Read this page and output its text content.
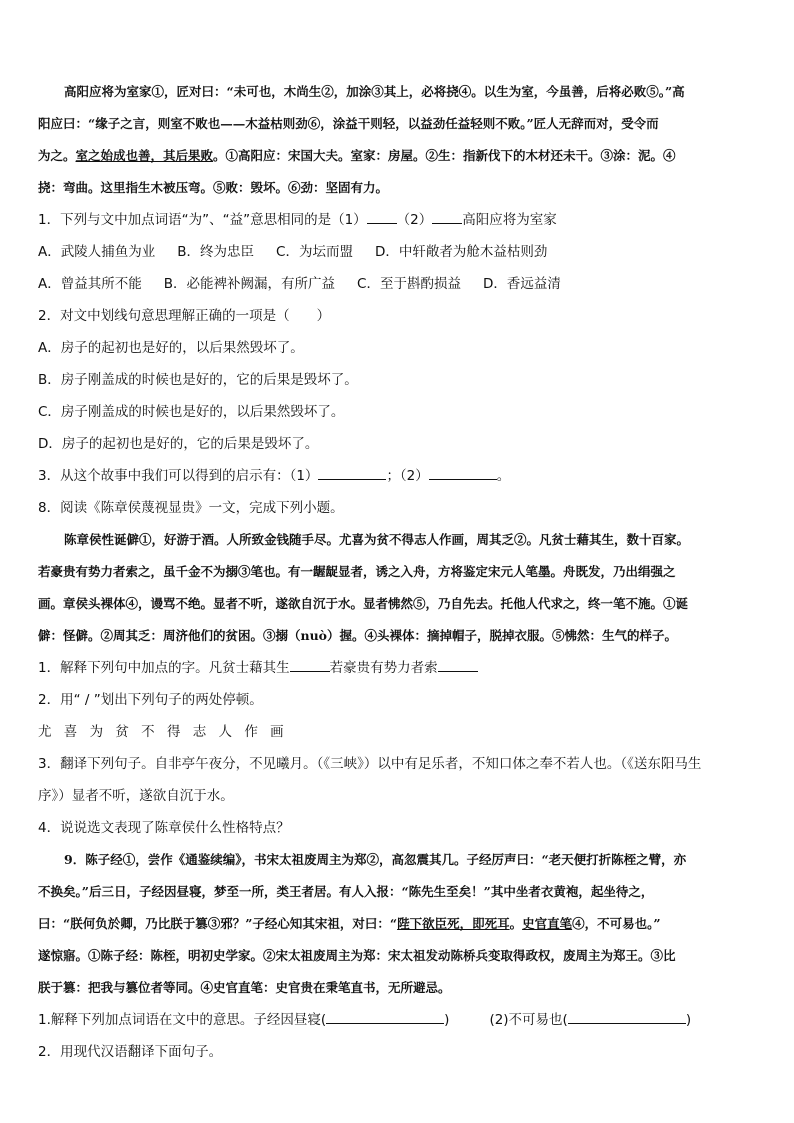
高阳应将为室家①，匠对曰：“未可也，木尚生②，加涂③其上，必将挠④。以生为室，今虽善，后将必败⑤。”高

阳应曰：“缘子之言，则室不败也——木益枯则劲⑥，涂益干则轻，以益劲任益轻则不败。”匠人无辞而对，受令而

为之。室之始成也善，其后果败。①高阳应：宋国大夫。室家：房屋。②生：指新伐下的木材还未干。③涂：泥。④

挠：弯曲。这里指生木被压弯。⑤败：毁坏。⑥劲：坚固有力。

1．下列与文中加点词语“为”、“益”意思相同的是（1） （2） 高阳应将为室家

A．武陵人捕鱼为业 B．终为忠臣 C．为坛而盟 D．中轩敞者为舱木益枯则劲

A．曾益其所不能 B．必能裨补阙漏，有所广益 C．至于斟酌损益 D．香远益清

2．对文中划线句意思理解正确的一项是（　　）

A．房子的起初也是好的，以后果然毁坏了。

B．房子刚盖成的时候也是好的，它的后果是毁坏了。

C．房子刚盖成的时候也是好的，以后果然毁坏了。

D．房子的起初也是好的，它的后果是毁坏了。

3．从这个故事中我们可以得到的启示有：（1）	；（2）	。

8．阅读《陈章侯蔑视显贵》一文，完成下列小题。

陈章侯性诞僻①，好游于酒。人所致金钱随手尽。尤喜为贫不得志人作画，周其乏②。凡贫士藉其生，数十百家。

若豪贵有势力者索之，虽千金不为搦③笔也。有一龌龊显者，诱之入舟，方将鉴定宋元人笔墨。舟既发，乃出绢强之

画。章侯头裸体④，谩骂不绝。显者不听，遂欲自沉于水。显者怫然⑤，乃自先去。托他人代求之，终一笔不施。①诞

僻：怪僻。②周其乏：周济他们的贫困。③搦（nuò）握。④头裸体：摘掉帽子，脱掉衣服。⑤怫然：生气的样子。

1．解释下列句中加点的字。凡贫士藉其生	若豪贵有势力者索

2．用“ / ”划出下列句子的两处停顿。

尤 喜 为 贫 不 得 志 人 作 画

3．翻译下列句子。自非亭午夜分，不见曦月。（《三峡》）以中有足乐者，不知口体之奉不若人也。（《送东阳马生

序》）显者不听，遂欲自沉于水。

4．说说选文表现了陈章侯什么性格特点？

9．陈子经①，尝作《通鉴续编》，书宋太祖废周主为郑②，高忽震其几。子经厉声曰：“老天便打折陈桎之臂，亦

不换矣。”后三日，子经因昼寝，梦至一所，类王者居。有人入报：“陈先生至矣！”其中坐者衣黄袍，起坐待之，

曰：“朕何负於卿，乃比朕于篡③邪？”子经心知其宋祖，对曰：“陛下欲臣死，即死耳。史官直笔④，不可易也。”

遂惊寤。①陈子经：陈桎，明初史学家。②宋太祖废周主为郑：宋太祖发动陈桥兵变取得政权，废周主为郑王。③比

朕于篡：把我与篡位者等同。④史官直笔：史官贵在秉笔直书，无所避忌。

1.解释下列加点词语在文中的意思。子经因昼寝(	)	(2)不可易也(	)

2．用现代汉语翻译下面句子。
